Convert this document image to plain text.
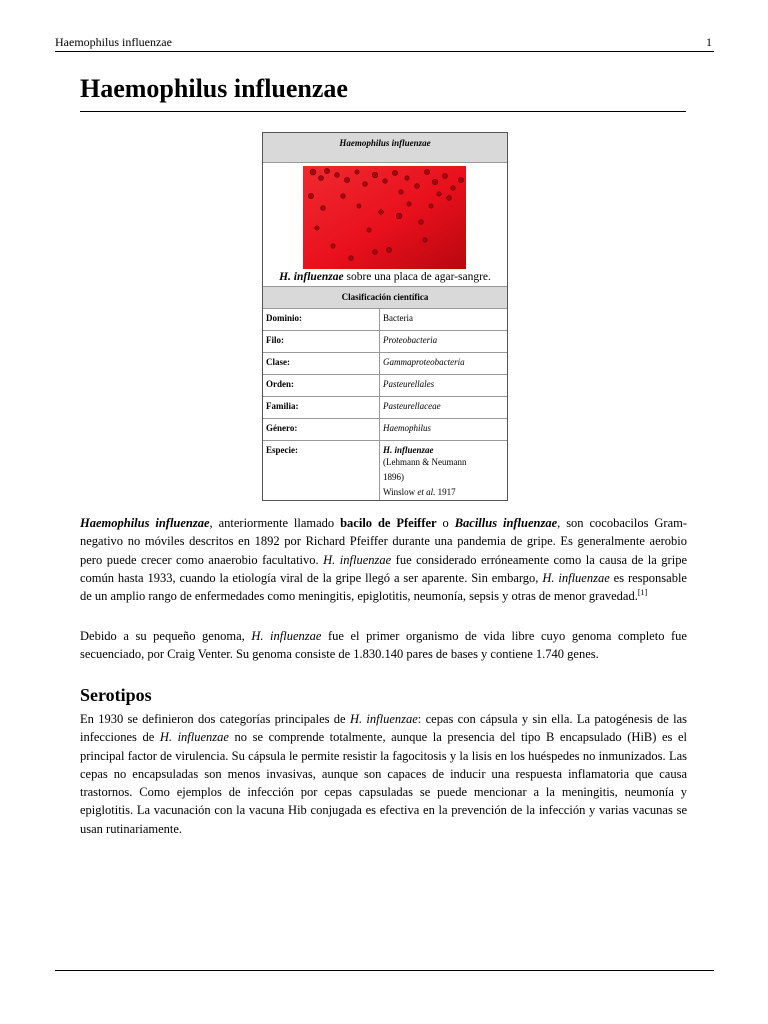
Haemophilus influenzae	1
Haemophilus influenzae
Haemophilus influenzae
H. influenzae sobre una placa de agar-sangre.
Clasificación científica
Dominio:	Bacteria
Filo:	Proteobacteria
Clase:	Gammaproteobacteria
Orden:	Pasteurellales
Familia:	Pasteurellaceae
Género:	Haemophilus
Especie:	H. influenzae
(Lehmann & Neumann
1896)
Winslow et al. 1917

Haemophilus influenzae, anteriormente llamado bacilo de Pfeiffer o Bacillus influenzae, son cocobacilos Gram-negativo no móviles descritos en 1892 por Richard Pfeiffer durante una pandemia de gripe. Es generalmente aerobio pero puede crecer como anaerobio facultativo. H. influenzae fue considerado erróneamente como la causa de la gripe común hasta 1933, cuando la etiología viral de la gripe llegó a ser aparente. Sin embargo, H. influenzae es responsable de un amplio rango de enfermedades como meningitis, epiglotitis, neumonía, sepsis y otras de menor gravedad.[1]

Debido a su pequeño genoma, H. influenzae fue el primer organismo de vida libre cuyo genoma completo fue secuenciado, por Craig Venter. Su genoma consiste de 1.830.140 pares de bases y contiene 1.740 genes.

Serotipos

En 1930 se definieron dos categorías principales de H. influenzae: cepas con cápsula y sin ella. La patogénesis de las infecciones de H. influenzae no se comprende totalmente, aunque la presencia del tipo B encapsulado (HiB) es el principal factor de virulencia. Su cápsula le permite resistir la fagocitosis y la lisis en los huéspedes no inmunizados. Las cepas no encapsuladas son menos invasivas, aunque son capaces de inducir una respuesta inflamatoria que causa trastornos. Como ejemplos de infección por cepas capsuladas se puede mencionar a la meningitis, neumonía y epiglotitis. La vacunación con la vacuna Hib conjugada es efectiva en la prevención de la infección y varias vacunas se usan rutinariamente.
